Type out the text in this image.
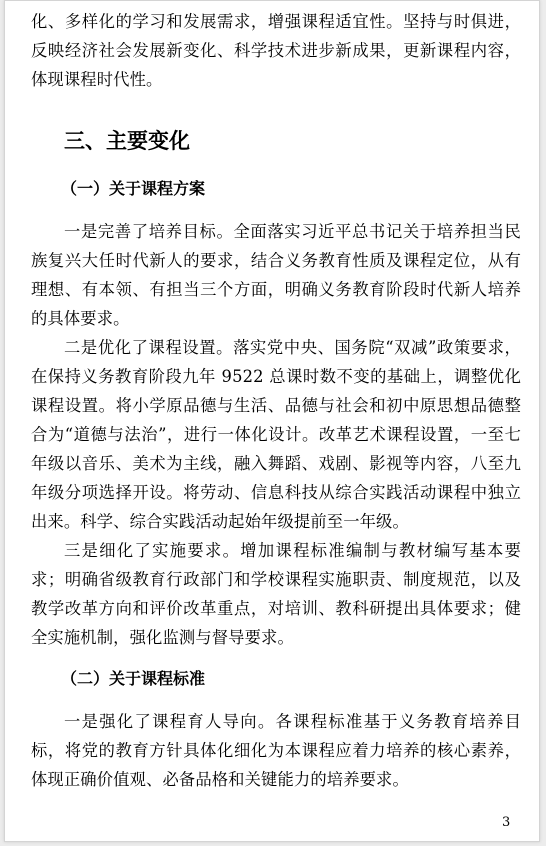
化、多样化的学习和发展需求，增强课程适宜性。坚持与时俱进，反映经济社会发展新变化、科学技术进步新成果，更新课程内容，体现课程时代性。

三、主要变化
（一）关于课程方案

一是完善了培养目标。全面落实习近平总书记关于培养担当民族复兴大任时代新人的要求，结合义务教育性质及课程定位，从有理想、有本领、有担当三个方面，明确义务教育阶段时代新人培养的具体要求。

二是优化了课程设置。落实党中央、国务院“双减”政策要求，在保持义务教育阶段九年 9522 总课时数不变的基础上，调整优化课程设置。将小学原品德与生活、品德与社会和初中原思想品德整合为“道德与法治”，进行一体化设计。改革艺术课程设置，一至七年级以音乐、美术为主线，融入舞蹈、戏剧、影视等内容，八至九年级分项选择开设。将劳动、信息科技从综合实践活动课程中独立出来。科学、综合实践活动起始年级提前至一年级。

三是细化了实施要求。增加课程标准编制与教材编写基本要求；明确省级教育行政部门和学校课程实施职责、制度规范，以及教学改革方向和评价改革重点，对培训、教科研提出具体要求；健全实施机制，强化监测与督导要求。

（二）关于课程标准

一是强化了课程育人导向。各课程标准基于义务教育培养目标，将党的教育方针具体化细化为本课程应着力培养的核心素养，体现正确价值观、必备品格和关键能力的培养要求。

3
